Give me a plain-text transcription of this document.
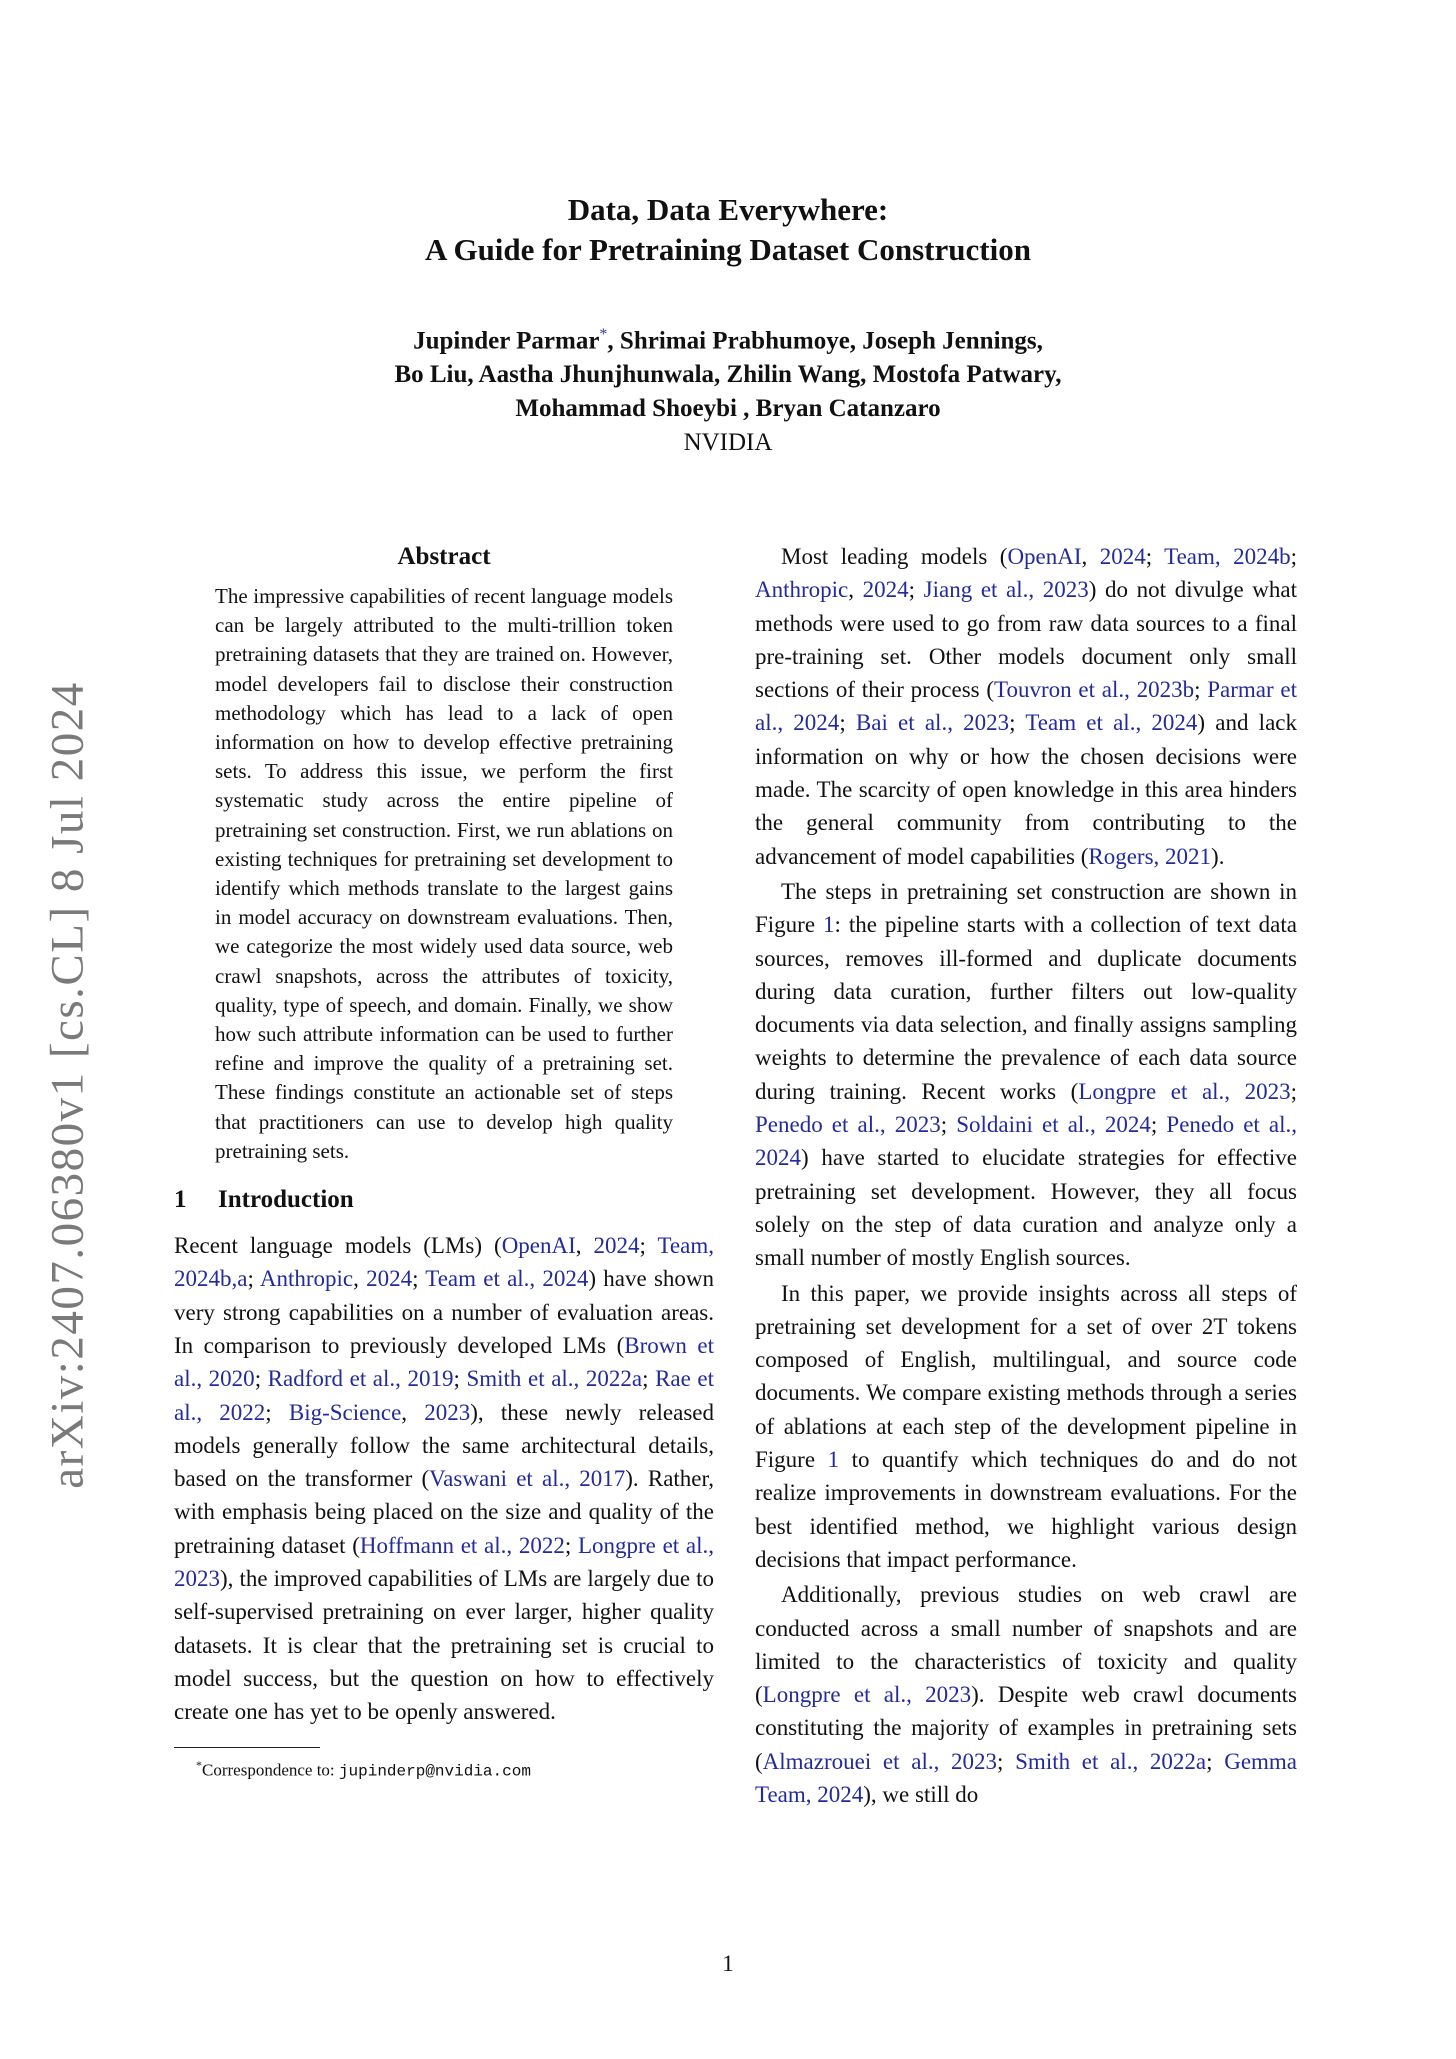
arXiv:2407.06380v1 [cs.CL] 8 Jul 2024

Data, Data Everywhere:

A Guide for Pretraining Dataset Construction

Jupinder Parmar*, Shrimai Prabhumoye, Joseph Jennings,
Bo Liu, Aastha Jhunjhunwala, Zhilin Wang, Mostofa Patwary,
Mohammad Shoeybi , Bryan Catanzaro
NVIDIA
Abstract

The impressive capabilities of recent language models can be largely attributed to the multi-trillion token pretraining datasets that they are trained on. However, model developers fail to disclose their construction methodology which has lead to a lack of open information on how to develop effective pretraining sets. To address this issue, we perform the first systematic study across the entire pipeline of pretraining set construction. First, we run ablations on existing techniques for pretraining set development to identify which methods translate to the largest gains in model accuracy on downstream evaluations. Then, we categorize the most widely used data source, web crawl snapshots, across the attributes of toxicity, quality, type of speech, and domain. Finally, we show how such attribute information can be used to further refine and improve the quality of a pretraining set. These findings constitute an actionable set of steps that practitioners can use to develop high quality pretraining sets.

1 Introduction

Recent language models (LMs) (OpenAI, 2024; Team, 2024b,a; Anthropic, 2024; Team et al., 2024) have shown very strong capabilities on a number of evaluation areas. In comparison to previously developed LMs (Brown et al., 2020; Radford et al., 2019; Smith et al., 2022a; Rae et al., 2022; Big-Science, 2023), these newly released models generally follow the same architectural details, based on the transformer (Vaswani et al., 2017). Rather, with emphasis being placed on the size and quality of the pretraining dataset (Hoffmann et al., 2022; Longpre et al., 2023), the improved capabilities of LMs are largely due to self-supervised pretraining on ever larger, higher quality datasets. It is clear that the pretraining set is crucial to model success, but the question on how to effectively create one has yet to be openly answered.

*Correspondence to: jupinderp@nvidia.com

Most leading models (OpenAI, 2024; Team, 2024b; Anthropic, 2024; Jiang et al., 2023) do not divulge what methods were used to go from raw data sources to a final pre-training set. Other models document only small sections of their process (Touvron et al., 2023b; Parmar et al., 2024; Bai et al., 2023; Team et al., 2024) and lack information on why or how the chosen decisions were made. The scarcity of open knowledge in this area hinders the general community from contributing to the advancement of model capabilities (Rogers, 2021).

The steps in pretraining set construction are shown in Figure 1: the pipeline starts with a collection of text data sources, removes ill-formed and duplicate documents during data curation, further filters out low-quality documents via data selection, and finally assigns sampling weights to determine the prevalence of each data source during training. Recent works (Longpre et al., 2023; Penedo et al., 2023; Soldaini et al., 2024; Penedo et al., 2024) have started to elucidate strategies for effective pretraining set development. However, they all focus solely on the step of data curation and analyze only a small number of mostly English sources.

In this paper, we provide insights across all steps of pretraining set development for a set of over 2T tokens composed of English, multilingual, and source code documents. We compare existing methods through a series of ablations at each step of the development pipeline in Figure 1 to quantify which techniques do and do not realize improvements in downstream evaluations. For the best identified method, we highlight various design decisions that impact performance.

Additionally, previous studies on web crawl are conducted across a small number of snapshots and are limited to the characteristics of toxicity and quality (Longpre et al., 2023). Despite web crawl documents constituting the majority of examples in pretraining sets (Almazrouei et al., 2023; Smith et al., 2022a; Gemma Team, 2024), we still do

1
